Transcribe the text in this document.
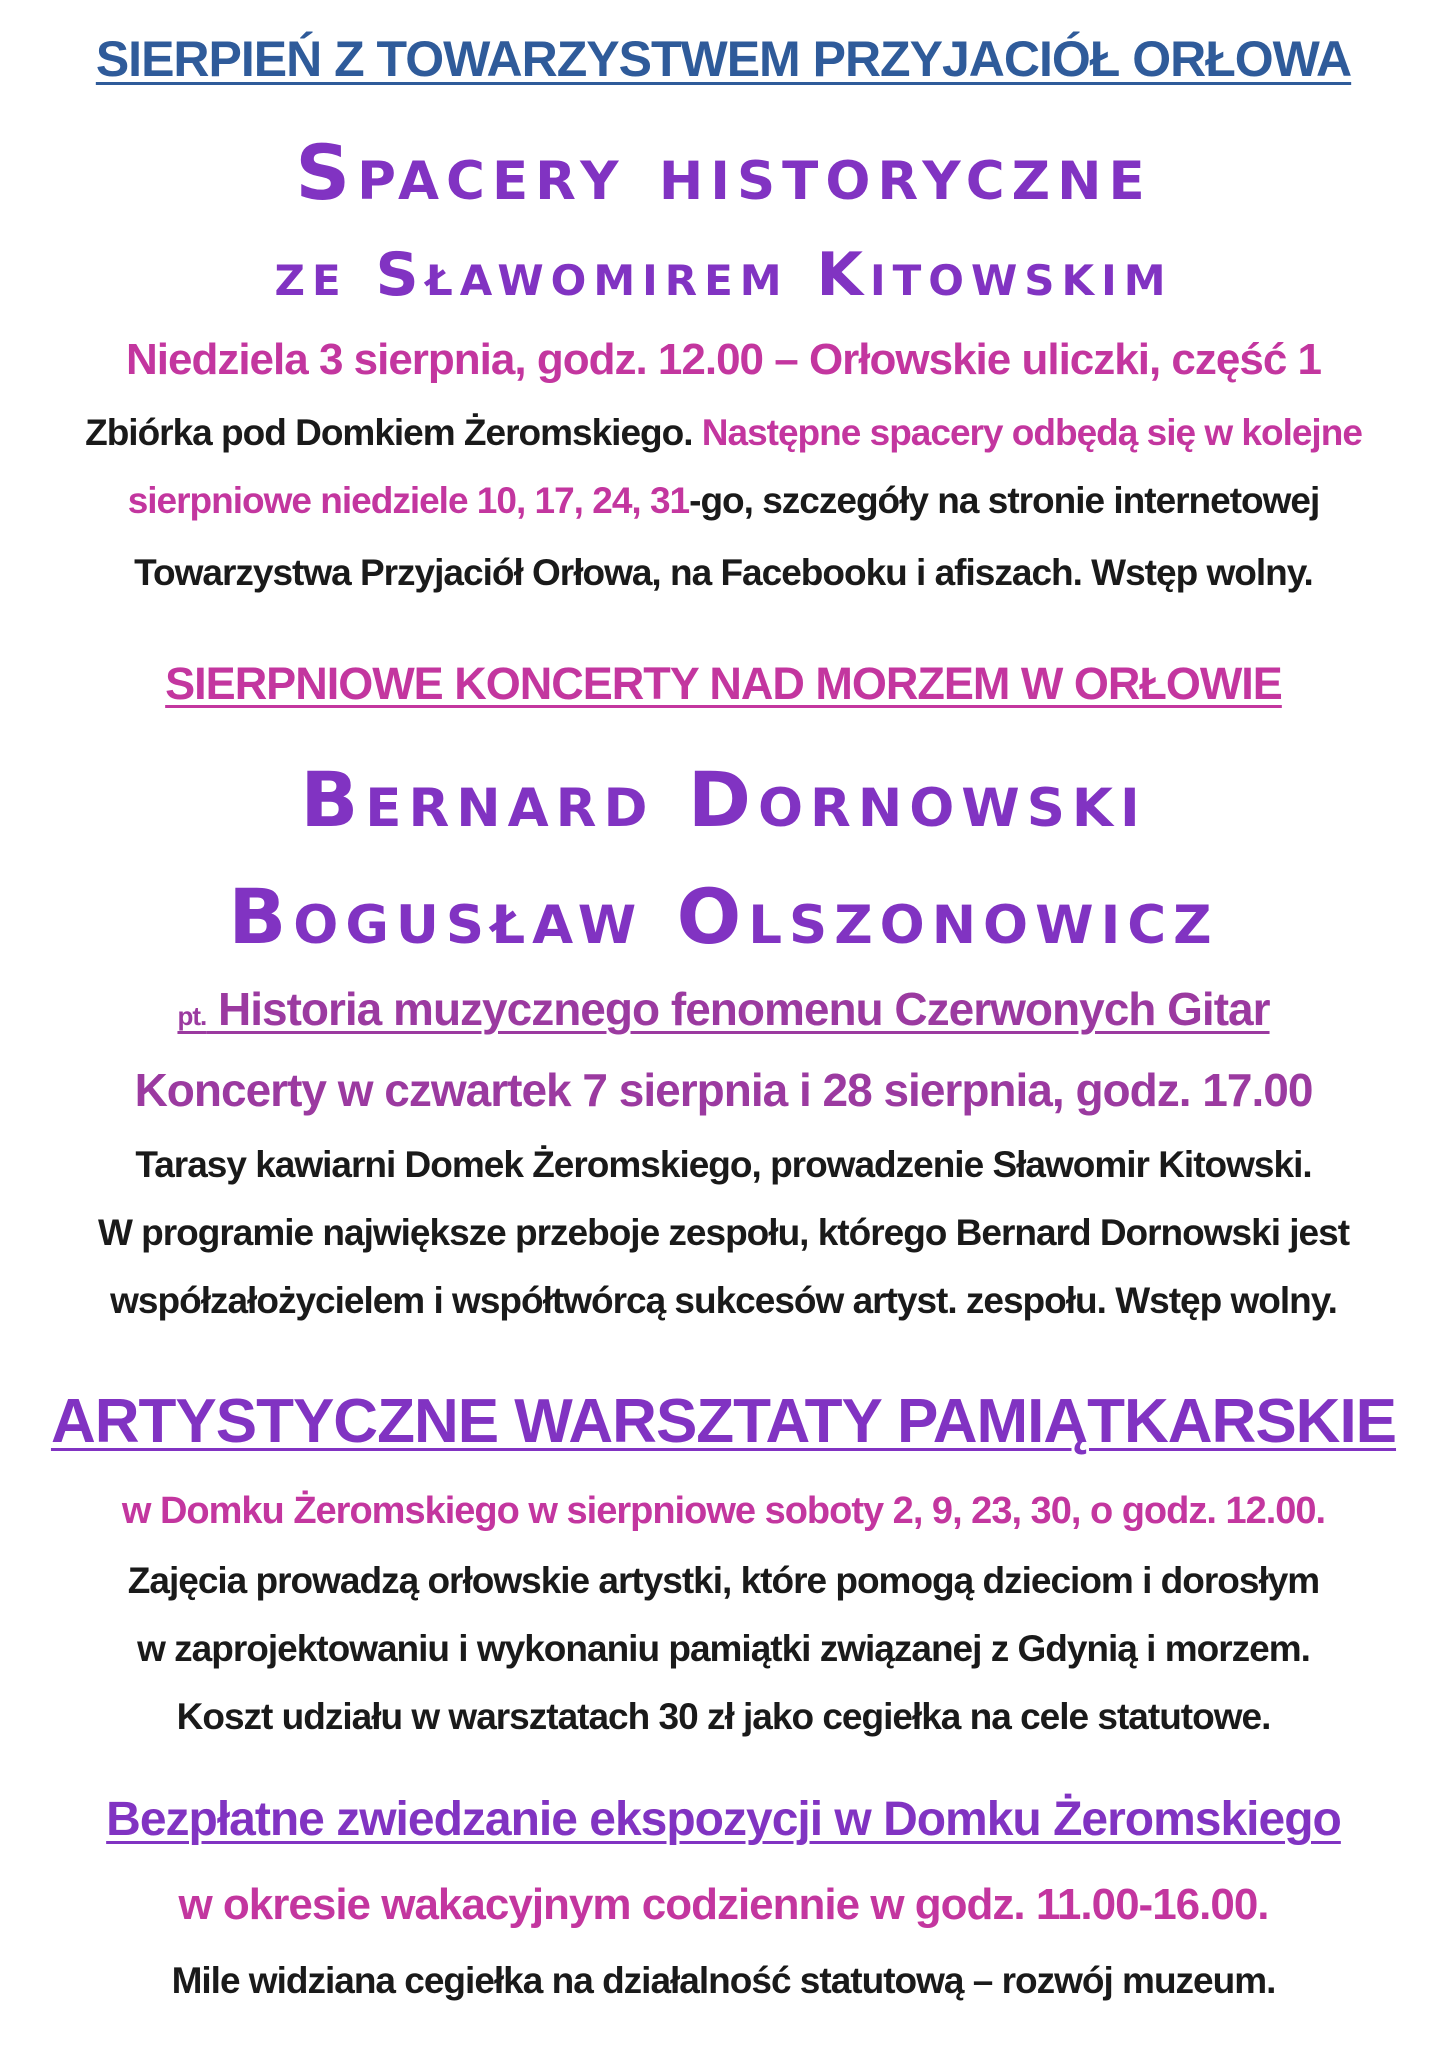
SIERPIEŃ Z TOWARZYSTWEM PRZYJACIÓŁ ORŁOWA
Spacery historyczne
ze Sławomirem Kitowskim
Niedziela 3 sierpnia, godz. 12.00 – Orłowskie uliczki, część 1
Zbiórka pod Domkiem Żeromskiego. Następne spacery odbędą się w kolejne
sierpniowe niedziele 10, 17, 24, 31-go, szczegóły na stronie internetowej
Towarzystwa Przyjaciół Orłowa, na Facebooku i afiszach. Wstęp wolny.
SIERPNIOWE KONCERTY NAD MORZEM W ORŁOWIE
Bernard Dornowski
Bogusław Olszonowicz
pt. Historia muzycznego fenomenu Czerwonych Gitar
Koncerty w czwartek 7 sierpnia i 28 sierpnia, godz. 17.00
Tarasy kawiarni Domek Żeromskiego, prowadzenie Sławomir Kitowski.
W programie największe przeboje zespołu, którego Bernard Dornowski jest
współzałożycielem i współtwórcą sukcesów artyst. zespołu. Wstęp wolny.
ARTYSTYCZNE WARSZTATY PAMIĄTKARSKIE
w Domku Żeromskiego w sierpniowe soboty 2, 9, 23, 30, o godz. 12.00.
Zajęcia prowadzą orłowskie artystki, które pomogą dzieciom i dorosłym
w zaprojektowaniu i wykonaniu pamiątki związanej z Gdynią i morzem.
Koszt udziału w warsztatach 30 zł jako cegiełka na cele statutowe.
Bezpłatne zwiedzanie ekspozycji w Domku Żeromskiego
w okresie wakacyjnym codziennie w godz. 11.00-16.00.
Mile widziana cegiełka na działalność statutową – rozwój muzeum.
